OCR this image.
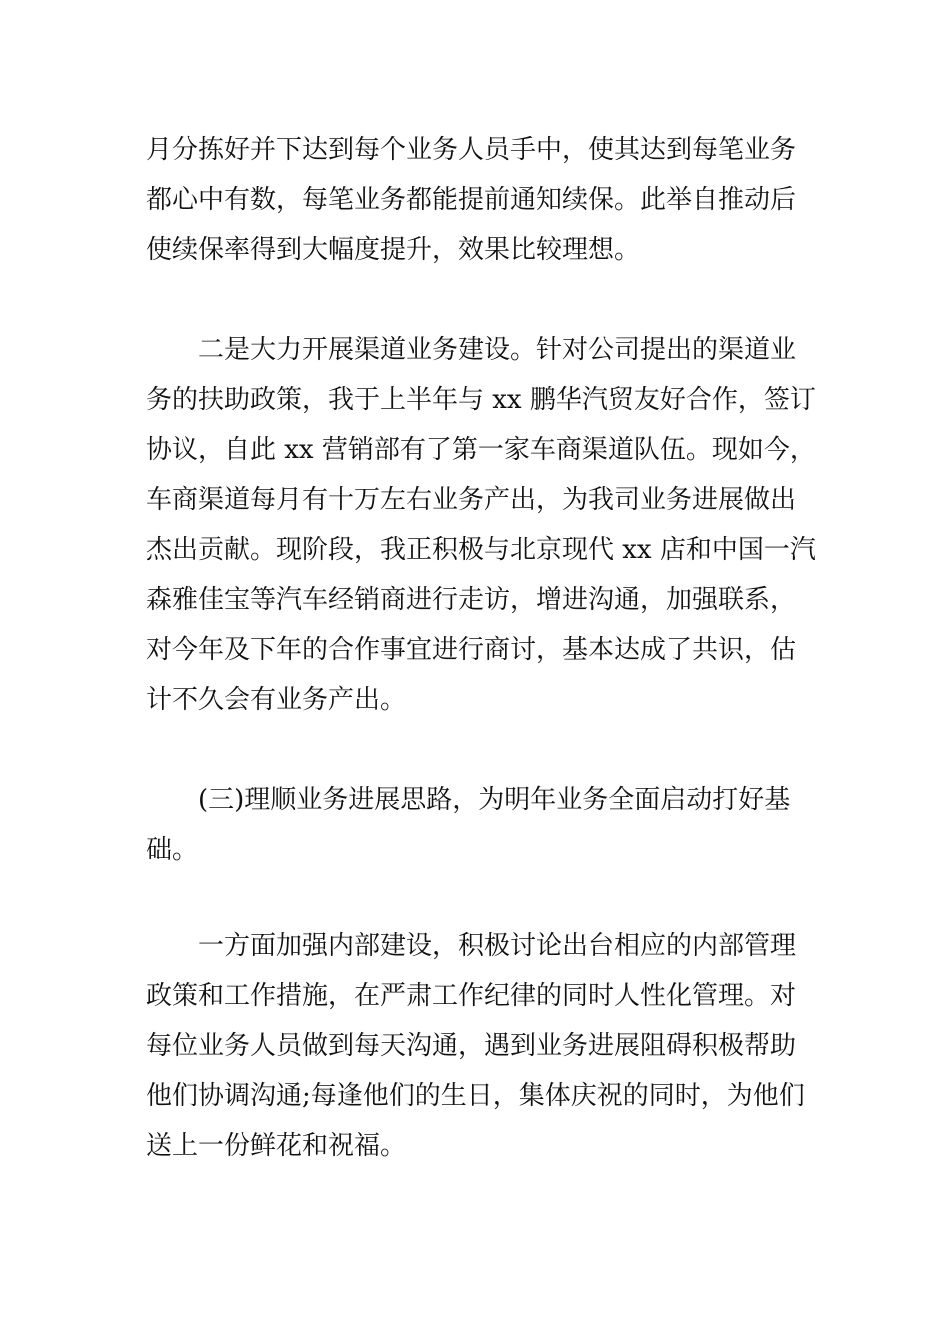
月分拣好并下达到每个业务人员手中，使其达到每笔业务
都心中有数，每笔业务都能提前通知续保。此举自推动后
使续保率得到大幅度提升，效果比较理想。
二是大力开展渠道业务建设。针对公司提出的渠道业
务的扶助政策，我于上半年与 xx 鹏华汽贸友好合作，签订
协议，自此 xx 营销部有了第一家车商渠道队伍。现如今，
车商渠道每月有十万左右业务产出，为我司业务进展做出
杰出贡献。现阶段，我正积极与北京现代 xx 店和中国一汽
森雅佳宝等汽车经销商进行走访，增进沟通，加强联系，
对今年及下年的合作事宜进行商讨，基本达成了共识，估
计不久会有业务产出。
(三)理顺业务进展思路，为明年业务全面启动打好基
础。
一方面加强内部建设，积极讨论出台相应的内部管理
政策和工作措施，在严肃工作纪律的同时人性化管理。对
每位业务人员做到每天沟通，遇到业务进展阻碍积极帮助
他们协调沟通;每逢他们的生日，集体庆祝的同时，为他们
送上一份鲜花和祝福。
